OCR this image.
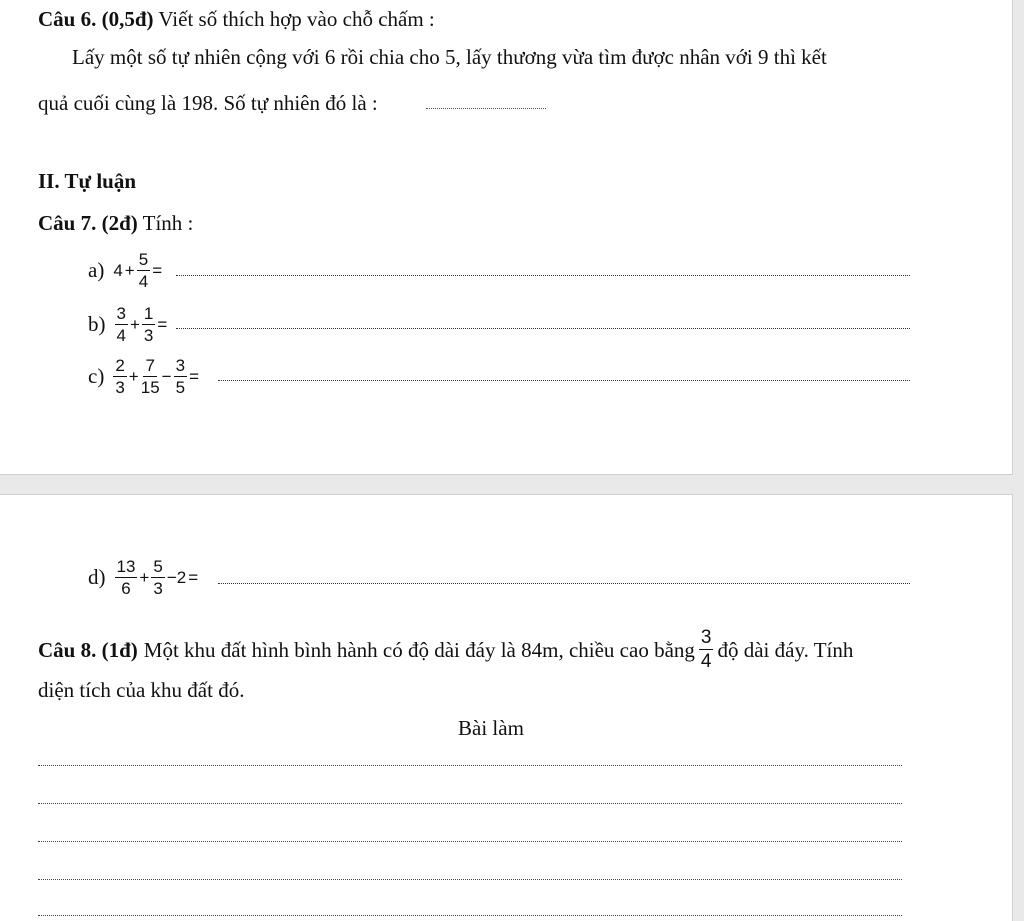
Câu 6. (0,5đ) Viết số thích hợp vào chỗ chấm :
Lấy một số tự nhiên cộng với 6 rồi chia cho 5, lấy thương vừa tìm được nhân với 9 thì kết
quả cuối cùng là 198. Số tự nhiên đó là :
II. Tự luận
Câu 7. (2đ) Tính :
a) $4 + \frac{5}{4}$ =
$b) \frac{3}{4} + \frac{1}{3}$ =
$c) \frac{2}{3} + \frac{7}{15} - \frac{3}{5}$ =
$d) \frac{13}{6} + \frac{5}{3} -2$ =
Câu 8. (1đ) Một khu đất hình bình hành có độ dài đáy là 84m, chiều cao bằng $\frac{3}{4}$ độ dài đáy. Tính
diện tích của khu đất đó.
Bài làm
